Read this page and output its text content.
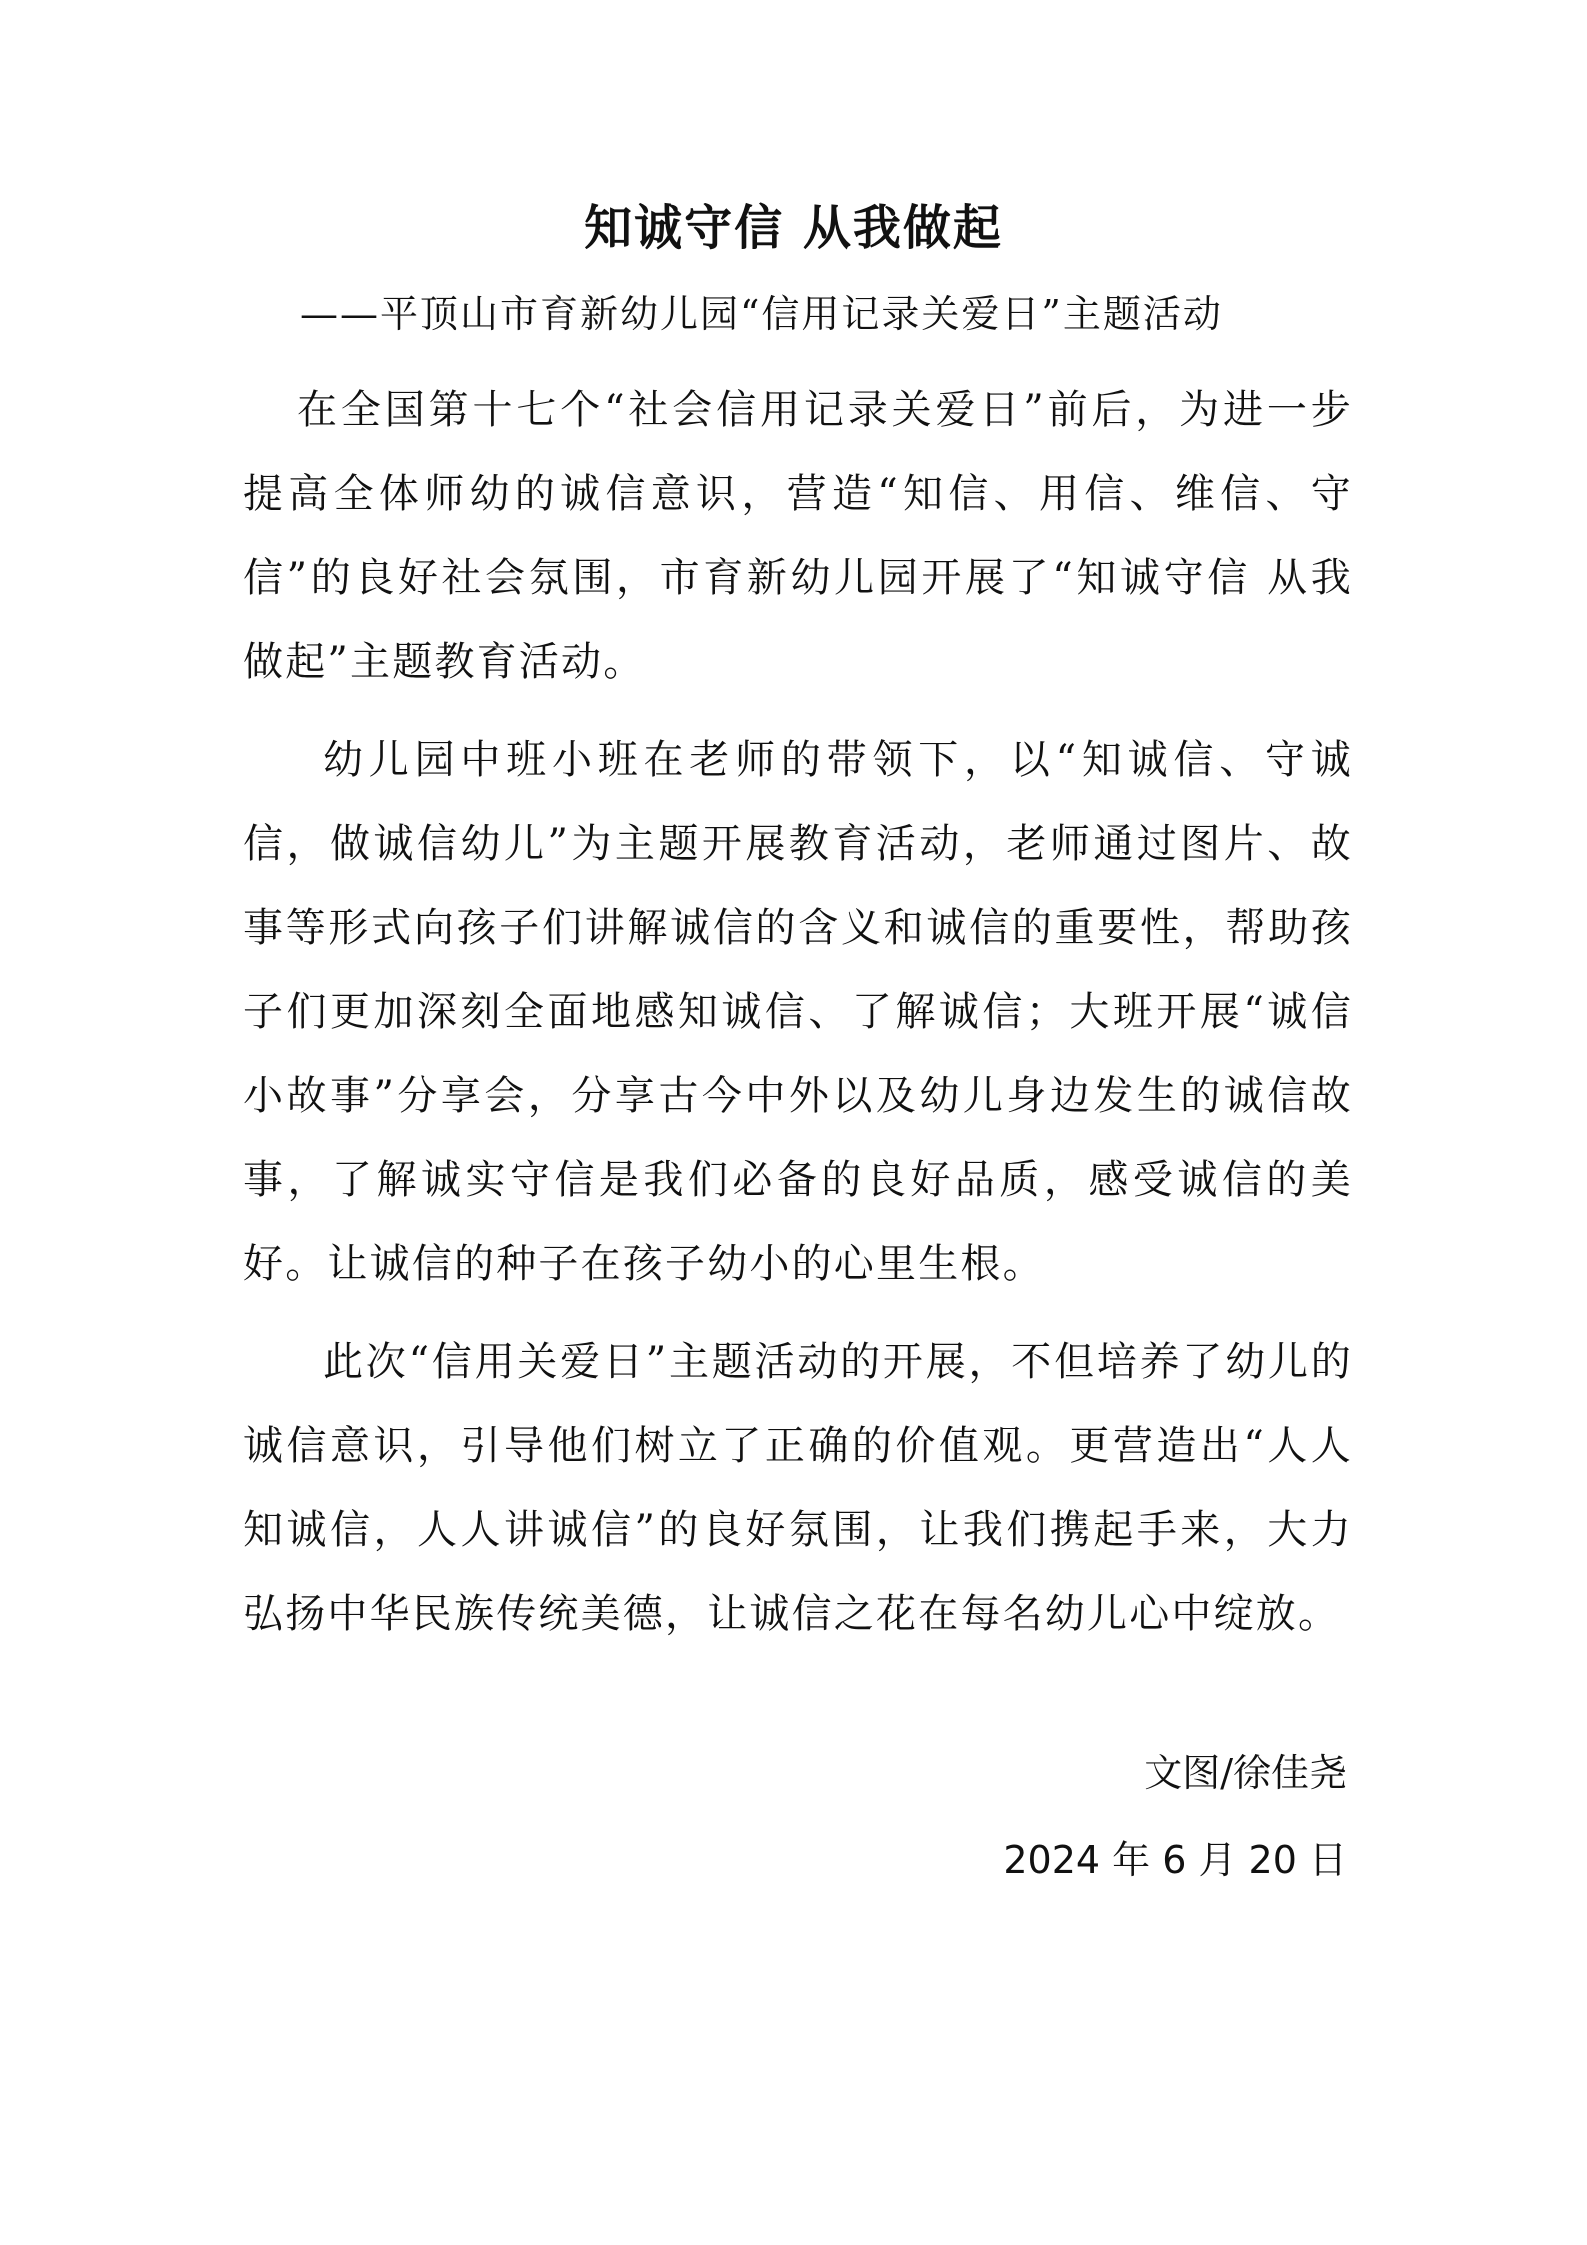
知诚守信 从我做起

——平顶山市育新幼儿园“信用记录关爱日”主题活动

在全国第十七个“社会信用记录关爱日”前后，为进一步提高全体师幼的诚信意识，营造“知信、用信、维信、守信”的良好社会氛围，市育新幼儿园开展了“知诚守信 从我做起”主题教育活动。

幼儿园中班小班在老师的带领下，以“知诚信、守诚信，做诚信幼儿”为主题开展教育活动，老师通过图片、故事等形式向孩子们讲解诚信的含义和诚信的重要性，帮助孩子们更加深刻全面地感知诚信、了解诚信；大班开展“诚信小故事”分享会，分享古今中外以及幼儿身边发生的诚信故事，了解诚实守信是我们必备的良好品质，感受诚信的美好。让诚信的种子在孩子幼小的心里生根。

此次“信用关爱日”主题活动的开展，不但培养了幼儿的诚信意识，引导他们树立了正确的价值观。更营造出“人人知诚信，人人讲诚信”的良好氛围，让我们携起手来，大力弘扬中华民族传统美德，让诚信之花在每名幼儿心中绽放。

文图/徐佳尧

2024 年 6 月 20 日
